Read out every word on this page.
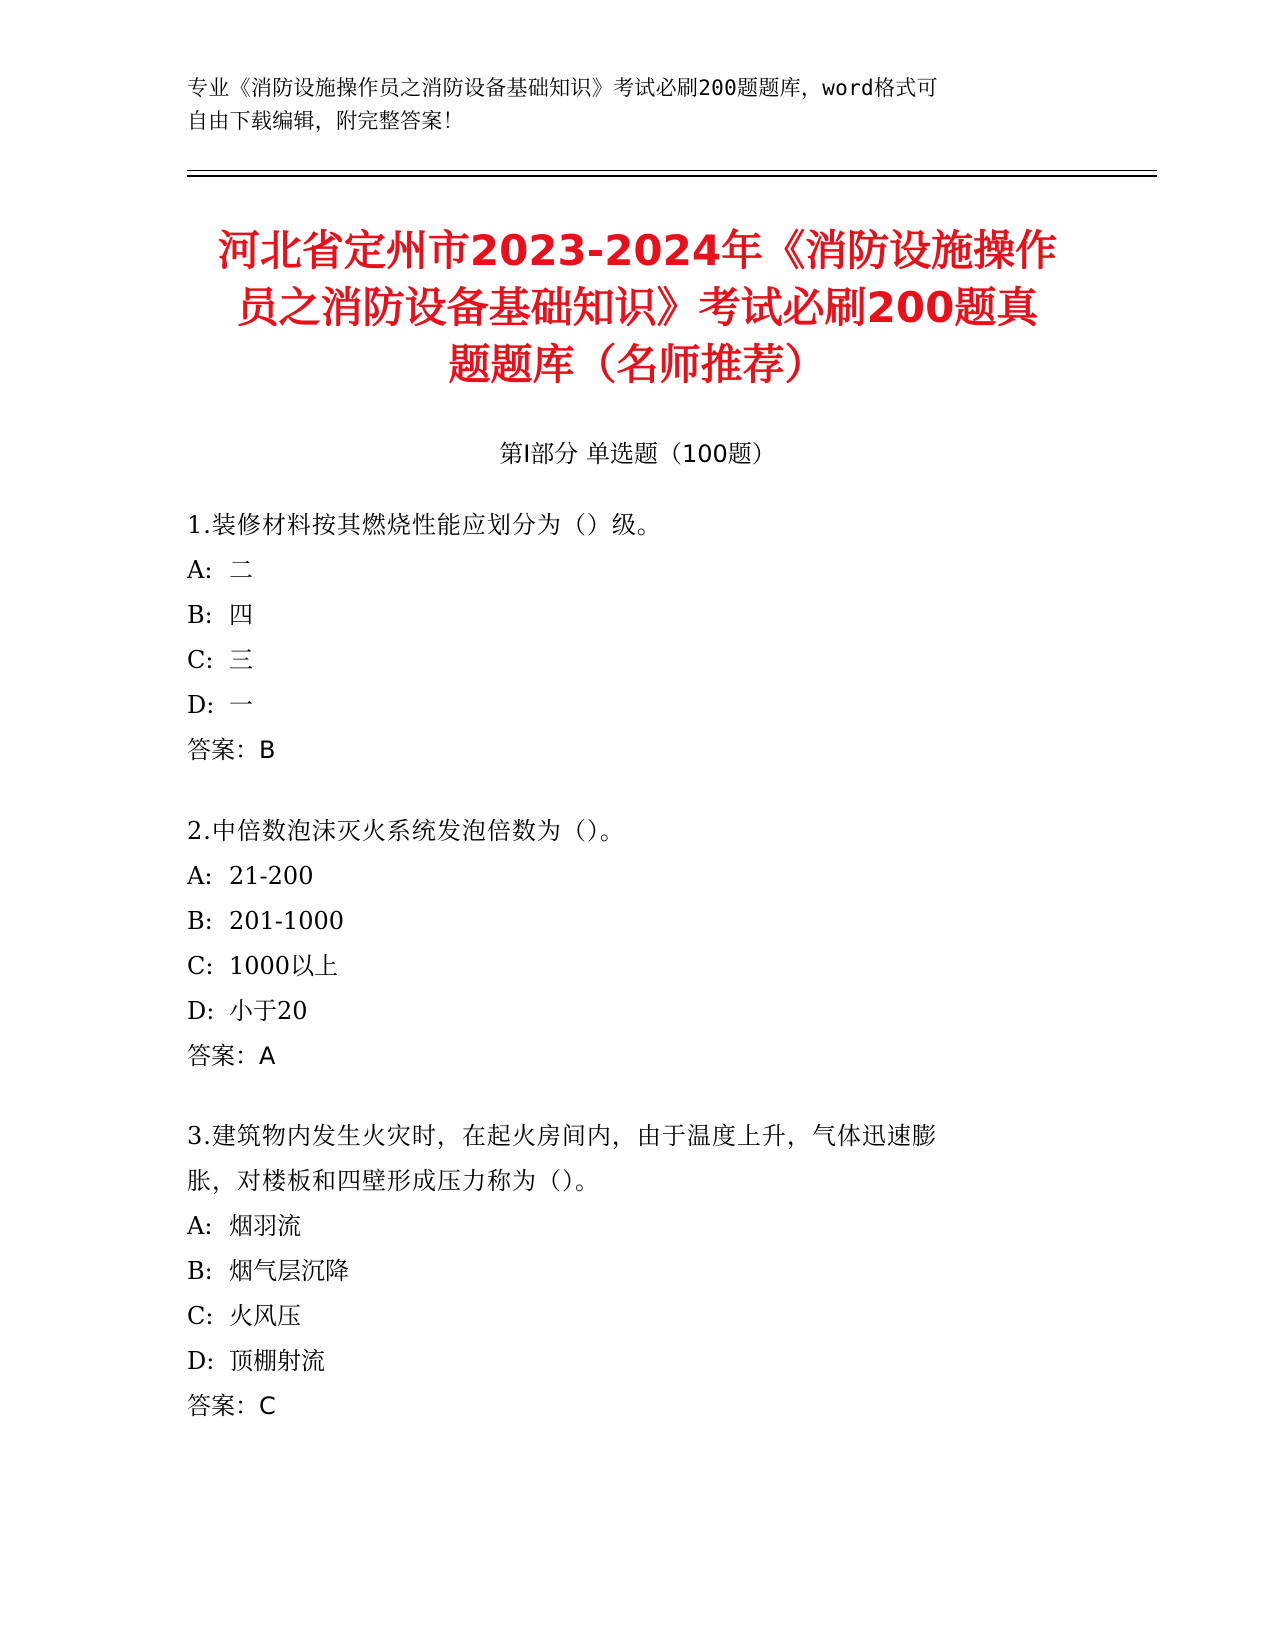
专业《消防设施操作员之消防设备基础知识》考试必刷200题题库，word格式可
自由下载编辑，附完整答案！
河北省定州市2023-2024年《消防设施操作
员之消防设备基础知识》考试必刷200题真
题题库（名师推荐）
第I部分 单选题（100题）
1.装修材料按其燃烧性能应划分为（）级。
A: 二
B: 四
C: 三
D: 一
答案：B
2.中倍数泡沫灭火系统发泡倍数为（）。
A: 21-200
B: 201-1000
C: 1000以上
D: 小于20
答案：A
3.建筑物内发生火灾时，在起火房间内，由于温度上升，气体迅速膨
胀，对楼板和四壁形成压力称为（）。
A: 烟羽流
B: 烟气层沉降
C: 火风压
D: 顶棚射流
答案：C
